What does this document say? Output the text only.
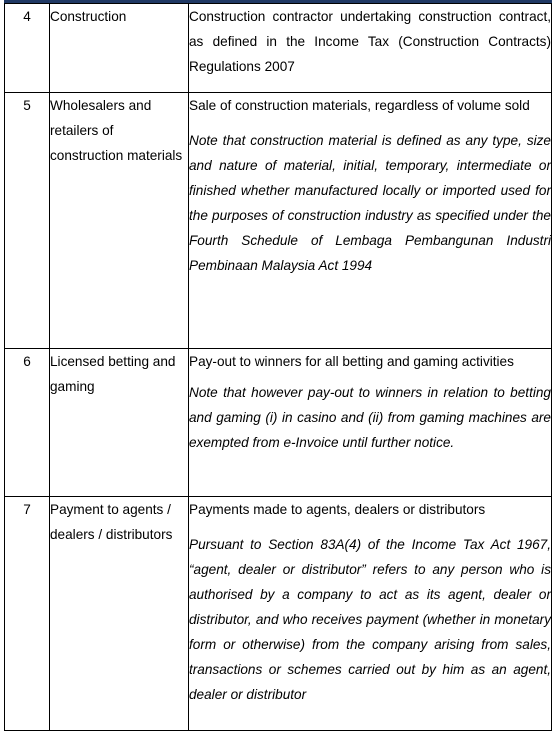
4	Construction	Construction contractor undertaking construction contract, as defined in the Income Tax (Construction Contracts) Regulations 2007

5	Wholesalers and retailers of construction materials	Sale of construction materials, regardless of volume sold
Note that construction material is defined as any type, size and nature of material, initial, temporary, intermediate or finished whether manufactured locally or imported used for the purposes of construction industry as specified under the Fourth Schedule of Lembaga Pembangunan Industri Pembinaan Malaysia Act 1994

6	Licensed betting and gaming	Pay-out to winners for all betting and gaming activities
Note that however pay-out to winners in relation to betting and gaming (i) in casino and (ii) from gaming machines are exempted from e-Invoice until further notice.

7	Payment to agents / dealers / distributors	Payments made to agents, dealers or distributors
Pursuant to Section 83A(4) of the Income Tax Act 1967, “agent, dealer or distributor” refers to any person who is authorised by a company to act as its agent, dealer or distributor, and who receives payment (whether in monetary form or otherwise) from the company arising from sales, transactions or schemes carried out by him as an agent, dealer or distributor
